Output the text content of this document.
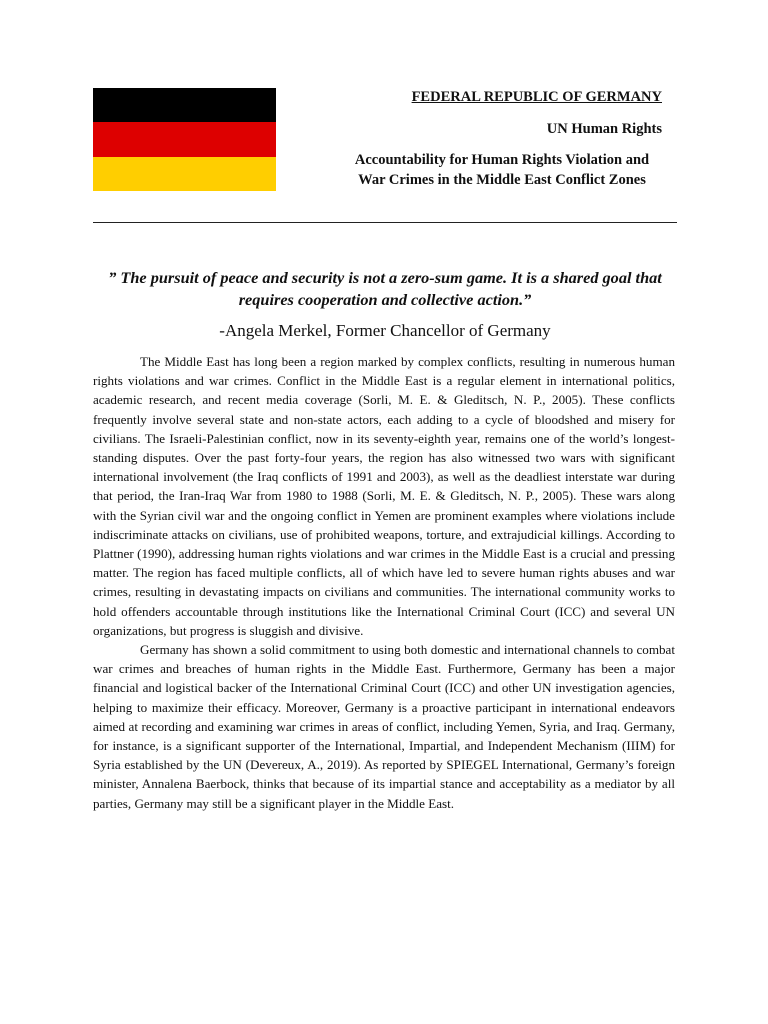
FEDERAL REPUBLIC OF GERMANY
UN Human Rights
Accountability for Human Rights Violation and
War Crimes in the Middle East Conflict Zones
” The pursuit of peace and security is not a zero-sum game. It is a shared goal that requires cooperation and collective action.”
-Angela Merkel, Former Chancellor of Germany

The Middle East has long been a region marked by complex conflicts, resulting in numerous human rights violations and war crimes. Conflict in the Middle East is a regular element in international politics, academic research, and recent media coverage (Sorli, M. E. & Gleditsch, N. P., 2005). These conflicts frequently involve several state and non-state actors, each adding to a cycle of bloodshed and misery for civilians. The Israeli-Palestinian conflict, now in its seventy-eighth year, remains one of the world’s longest-standing disputes. Over the past forty-four years, the region has also witnessed two wars with significant international involvement (the Iraq conflicts of 1991 and 2003), as well as the deadliest interstate war during that period, the Iran-Iraq War from 1980 to 1988 (Sorli, M. E. & Gleditsch, N. P., 2005). These wars along with the Syrian civil war and the ongoing conflict in Yemen are prominent examples where violations include indiscriminate attacks on civilians, use of prohibited weapons, torture, and extrajudicial killings. According to Plattner (1990), addressing human rights violations and war crimes in the Middle East is a crucial and pressing matter. The region has faced multiple conflicts, all of which have led to severe human rights abuses and war crimes, resulting in devastating impacts on civilians and communities. The international community works to hold offenders accountable through institutions like the International Criminal Court (ICC) and several UN organizations, but progress is sluggish and divisive.

Germany has shown a solid commitment to using both domestic and international channels to combat war crimes and breaches of human rights in the Middle East. Furthermore, Germany has been a major financial and logistical backer of the International Criminal Court (ICC) and other UN investigation agencies, helping to maximize their efficacy. Moreover, Germany is a proactive participant in international endeavors aimed at recording and examining war crimes in areas of conflict, including Yemen, Syria, and Iraq. Germany, for instance, is a significant supporter of the International, Impartial, and Independent Mechanism (IIIM) for Syria established by the UN (Devereux, A., 2019). As reported by SPIEGEL International, Germany’s foreign minister, Annalena Baerbock, thinks that because of its impartial stance and acceptability as a mediator by all parties, Germany may still be a significant player in the Middle East.
